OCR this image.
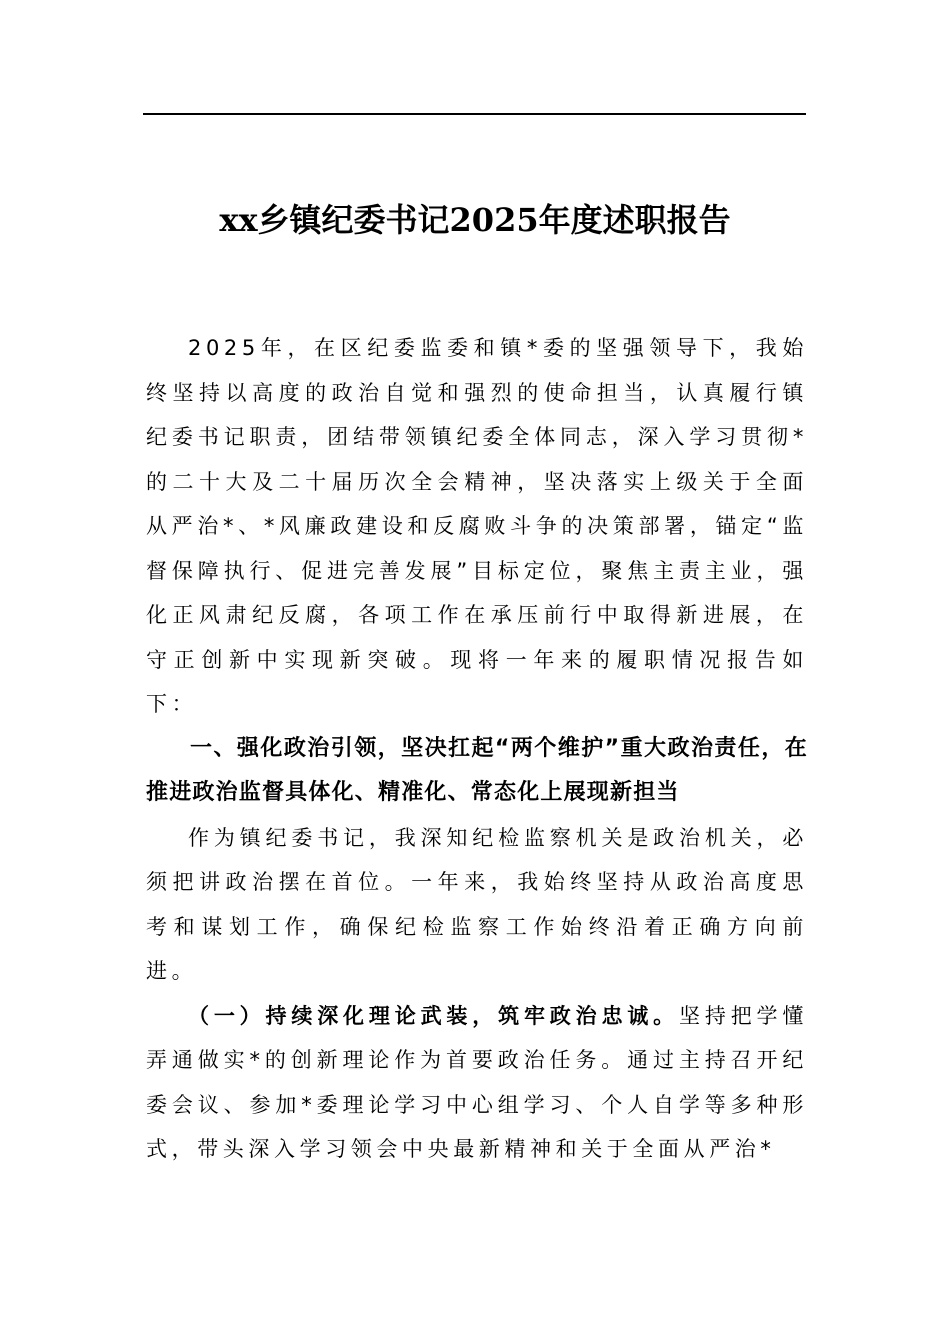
xx乡镇纪委书记2025年度述职报告

2025年，在区纪委监委和镇*委的坚强领导下，我始终坚持以高度的政治自觉和强烈的使命担当，认真履行镇纪委书记职责，团结带领镇纪委全体同志，深入学习贯彻*的二十大及二十届历次全会精神，坚决落实上级关于全面从严治*、*风廉政建设和反腐败斗争的决策部署，锚定“监督保障执行、促进完善发展”目标定位，聚焦主责主业，强化正风肃纪反腐，各项工作在承压前行中取得新进展，在守正创新中实现新突破。现将一年来的履职情况报告如下：

一、强化政治引领，坚决扛起“两个维护”重大政治责任，在推进政治监督具体化、精准化、常态化上展现新担当

作为镇纪委书记，我深知纪检监察机关是政治机关，必须把讲政治摆在首位。一年来，我始终坚持从政治高度思考和谋划工作，确保纪检监察工作始终沿着正确方向前进。

（一）持续深化理论武装，筑牢政治忠诚。坚持把学懂弄通做实*的创新理论作为首要政治任务。通过主持召开纪委会议、参加*委理论学习中心组学习、个人自学等多种形式，带头深入学习领会中央最新精神和关于全面从严治*
